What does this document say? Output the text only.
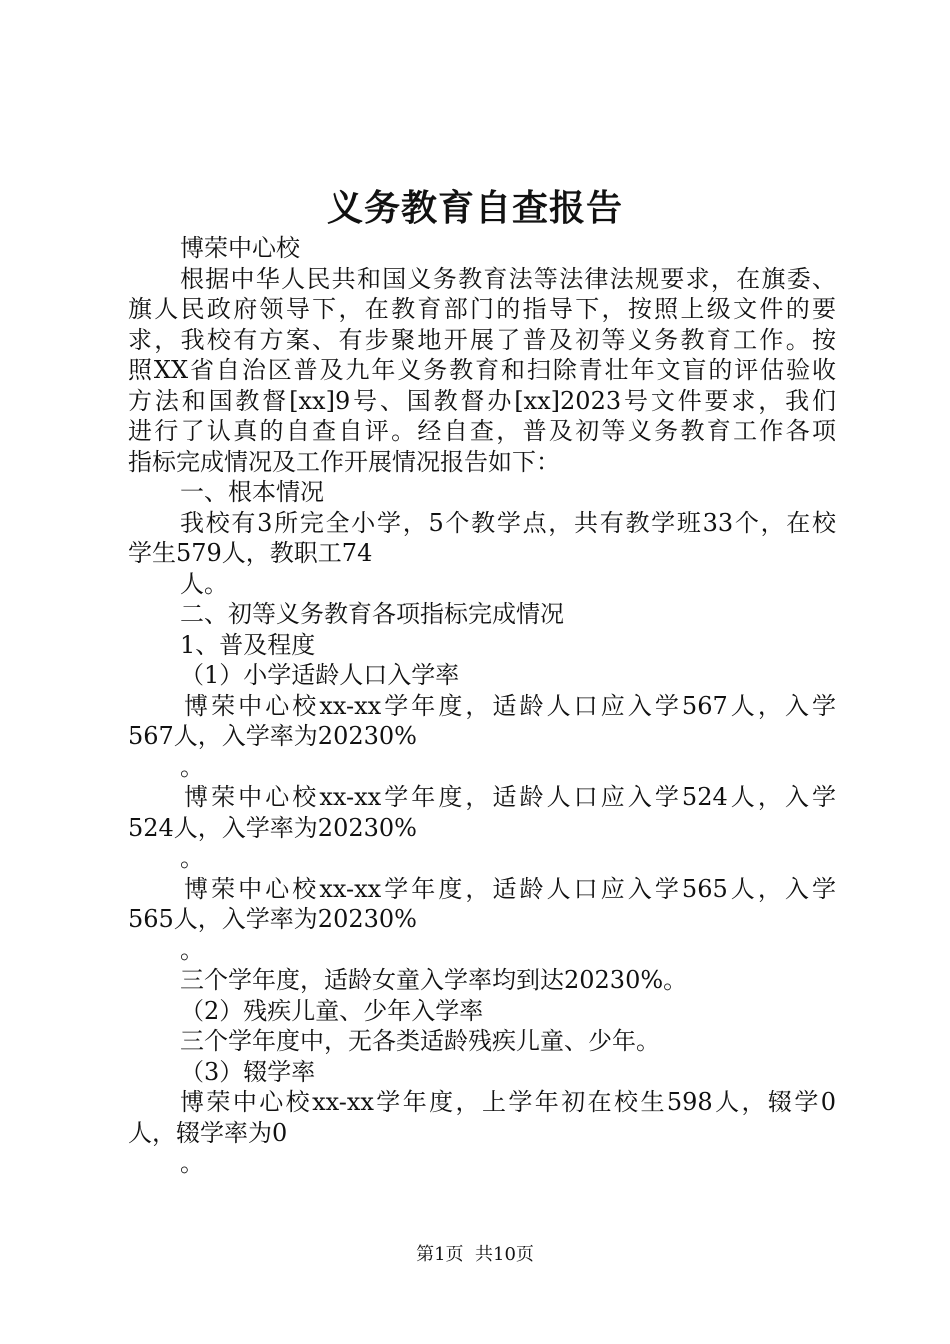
义务教育自查报告

博荣中心校

根据中华人民共和国义务教育法等法律法规要求，在旗委、

旗人民政府领导下，在教育部门的指导下，按照上级文件的要

求，我校有方案、有步聚地开展了普及初等义务教育工作。按

照XX省自治区普及九年义务教育和扫除青壮年文盲的评估验收

方法和国教督[xx]9号、国教督办[xx]2023号文件要求，我们

进行了认真的自查自评。经自查，普及初等义务教育工作各项

指标完成情况及工作开展情况报告如下：

一、根本情况

我校有3所完全小学，5个教学点，共有教学班33个，在校

学生579人，教职工74

人。

二、初等义务教育各项指标完成情况

1、普及程度

（1）小学适龄人口入学率

博荣中心校xx-xx学年度，适龄人口应入学567人，入学

567人，入学率为20230%

。

博荣中心校xx-xx学年度，适龄人口应入学524人，入学

524人，入学率为20230%

。

博荣中心校xx-xx学年度，适龄人口应入学565人，入学

565人，入学率为20230%

。

三个学年度，适龄女童入学率均到达20230%。

（2）残疾儿童、少年入学率

三个学年度中，无各类适龄残疾儿童、少年。

（3）辍学率

博荣中心校xx-xx学年度，上学年初在校生598人，辍学0

人，辍学率为0

。

第1页 共10页
